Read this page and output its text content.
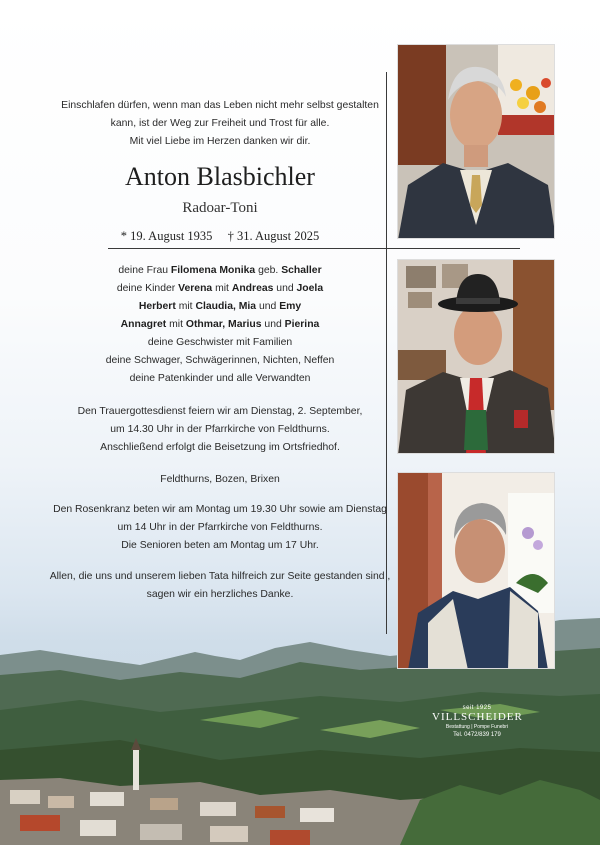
Einschlafen dürfen, wenn man das Leben nicht mehr selbst gestalten

kann, ist der Weg zur Freiheit und Trost für alle.

Mit viel Liebe im Herzen danken wir dir.

Anton Blasbichler
Radoar-Toni
* 19. August 1935 † 31. August 2025

deine Frau Filomena Monika geb. Schaller

deine Kinder Verena mit Andreas und Joela

Herbert mit Claudia, Mia und Emy

Annagret mit Othmar, Marius und Pierina

deine Geschwister mit Familien

deine Schwager, Schwägerinnen, Nichten, Neffen

deine Patenkinder und alle Verwandten

Den Trauergottesdienst feiern wir am Dienstag, 2. September,

um 14.30 Uhr in der Pfarrkirche von Feldthurns.

Anschließend erfolgt die Beisetzung im Ortsfriedhof.

Feldthurns, Bozen, Brixen

Den Rosenkranz beten wir am Montag um 19.30 Uhr sowie am Dienstag

um 14 Uhr in der Pfarrkirche von Feldthurns.

Die Senioren beten am Montag um 17 Uhr.

Allen, die uns und unserem lieben Tata hilfreich zur Seite gestanden sind ,

sagen wir ein herzliches Danke.

seit 1925
VILLSCHEIDER
Bestattung | Pompe Funebri
Tel. 0472/839 179
